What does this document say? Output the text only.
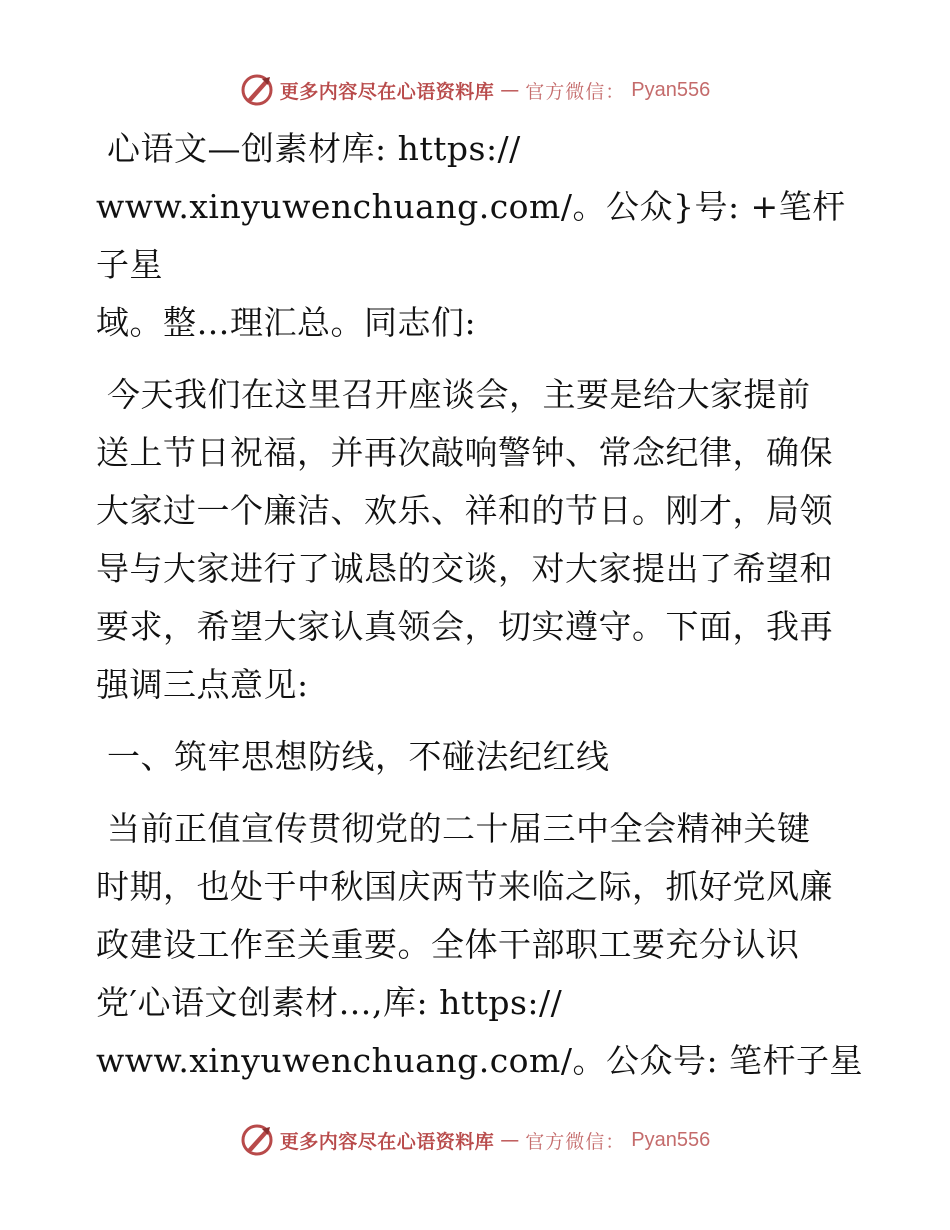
更多内容尽在心语资料库 — 官方微信： Pyan556

心语文—创素材库: https://
www.xinyuwenchuang.com/。公众}号: +笔杆子星
域。整…理汇总。同志们:

今天我们在这里召开座谈会，主要是给大家提前
送上节日祝福，并再次敲响警钟、常念纪律，确保
大家过一个廉洁、欢乐、祥和的节日。刚才，局领
导与大家进行了诚恳的交谈，对大家提出了希望和
要求，希望大家认真领会，切实遵守。下面，我再
强调三点意见:

一、筑牢思想防线，不碰法纪红线

当前正值宣传贯彻党的二十届三中全会精神关键
时期，也处于中秋国庆两节来临之际，抓好党风廉
政建设工作至关重要。全体干部职工要充分认识
党′心语文创素材…,库: https://
www.xinyuwenchuang.com/。公众号: 笔杆子星

更多内容尽在心语资料库 — 官方微信： Pyan556
